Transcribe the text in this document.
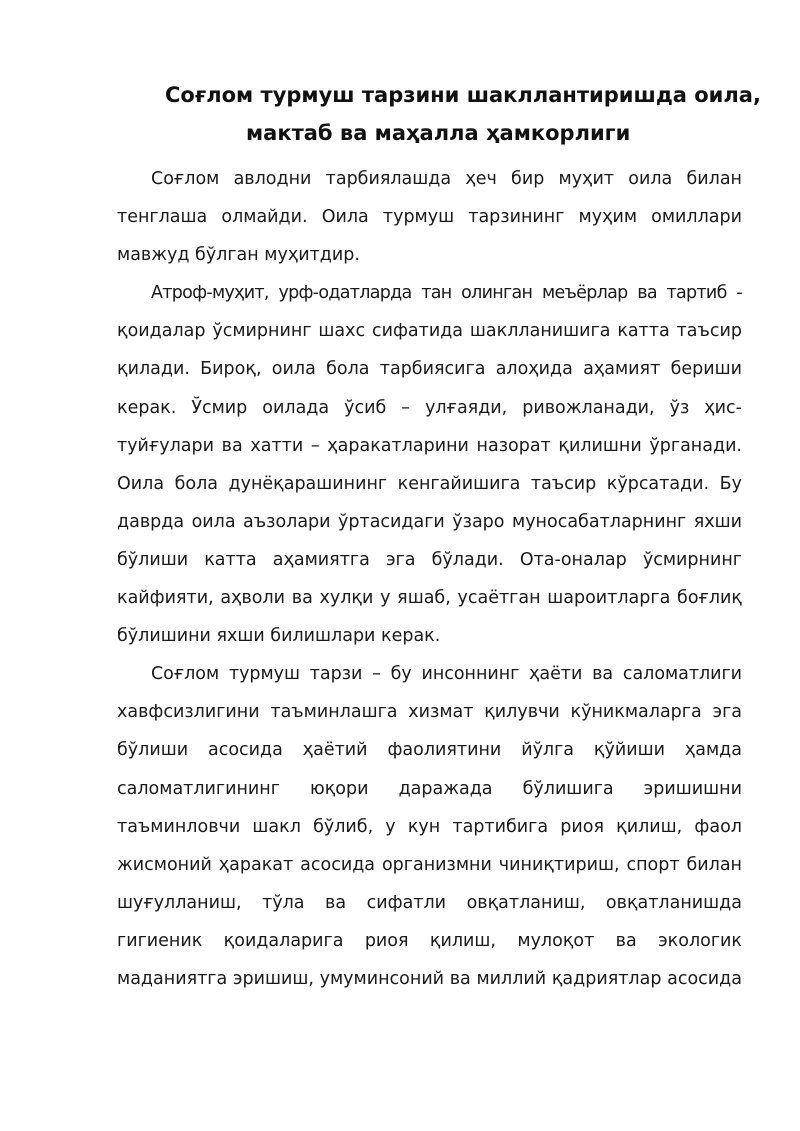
Соғлом турмуш тарзини шакллантиришда оила,
мактаб ва маҳалла ҳамкорлиги
Соғлом авлодни тарбиялашда ҳеч бир муҳит оила билан
тенглаша олмайди. Оила турмуш тарзининг муҳим омиллари
мавжуд бўлган муҳитдир.
Атроф-муҳит, урф-одатларда тан олинган меъёрлар ва тартиб -
қоидалар ўсмирнинг шахс сифатида шаклланишига катта таъсир
қилади. Бироқ, оила бола тарбиясига алоҳида аҳамият бериши
керак. Ўсмир оилада ўсиб – улғаяди, ривожланади, ўз ҳис-
туйғулари ва хатти – ҳаракатларини назорат қилишни ўрганади.
Оила бола дунёқарашининг кенгайишига таъсир кўрсатади. Бу
даврда оила аъзолари ўртасидаги ўзаро муносабатларнинг яхши
бўлиши катта аҳамиятга эга бўлади. Ота-оналар ўсмирнинг
кайфияти, аҳволи ва хулқи у яшаб, усаётган шароитларга боғлиқ
бўлишини яхши билишлари керак.
Соғлом турмуш тарзи – бу инсоннинг ҳаёти ва саломатлиги
хавфсизлигини таъминлашга хизмат қилувчи кўникмаларга эга
бўлиши асосида ҳаётий фаолиятини йўлга қўйиши ҳамда
саломатлигининг юқори даражада бўлишига эришишни
таъминловчи шакл бўлиб, у кун тартибига риоя қилиш, фаол
жисмоний ҳаракат асосида организмни чиниқтириш, спорт билан
шуғулланиш, тўла ва сифатли овқатланиш, овқатланишда
гигиеник қоидаларига риоя қилиш, мулоқот ва экологик
маданиятга эришиш, умуминсоний ва миллий қадриятлар асосида
